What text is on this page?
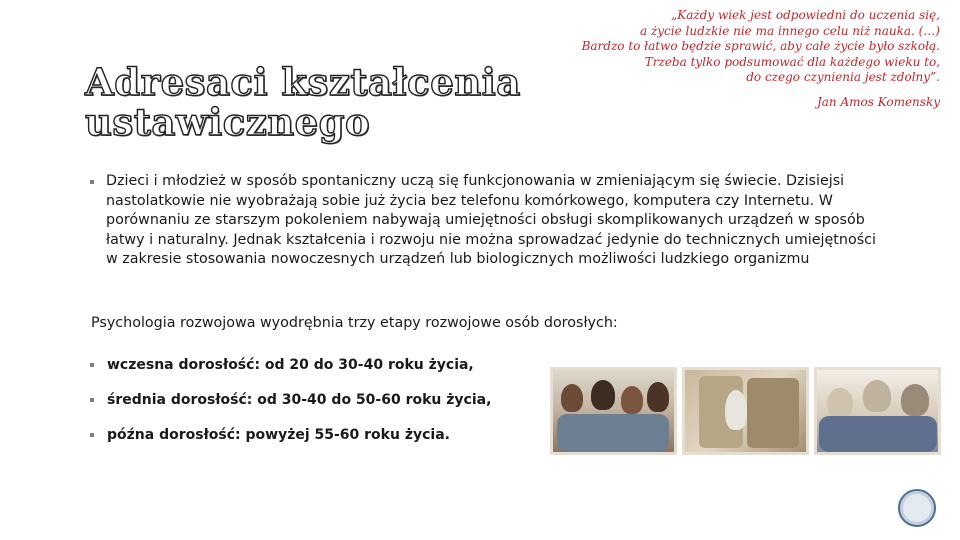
Adresaci kształcenia ustawicznego
„Każdy wiek jest odpowiedni do uczenia się,
a życie ludzkie nie ma innego celu niż nauka. (…)
Bardzo to łatwo będzie sprawić, aby całe życie było szkołą.
Trzeba tylko podsumować dla każdego wieku to,
do czego czynienia jest zdolny”.
Jan Amos Komensky
Dzieci i młodzież w sposób spontaniczny uczą się funkcjonowania w zmieniającym się świecie. Dzisiejsi nastolatkowie nie wyobrażają sobie już życia bez telefonu komórkowego, komputera czy Internetu. W porównaniu ze starszym pokoleniem nabywają umiejętności obsługi skomplikowanych urządzeń w sposób łatwy i naturalny. Jednak kształcenia i rozwoju nie można sprowadzać jedynie do technicznych umiejętności w zakresie stosowania nowoczesnych urządzeń lub biologicznych możliwości ludzkiego organizmu
Psychologia rozwojowa wyodrębnia trzy etapy rozwojowe osób dorosłych:
wczesna dorosłość: od 20 do 30-40 roku życia,
średnia dorosłość: od 30-40 do 50-60 roku życia,
późna dorosłość: powyżej 55-60 roku życia.
